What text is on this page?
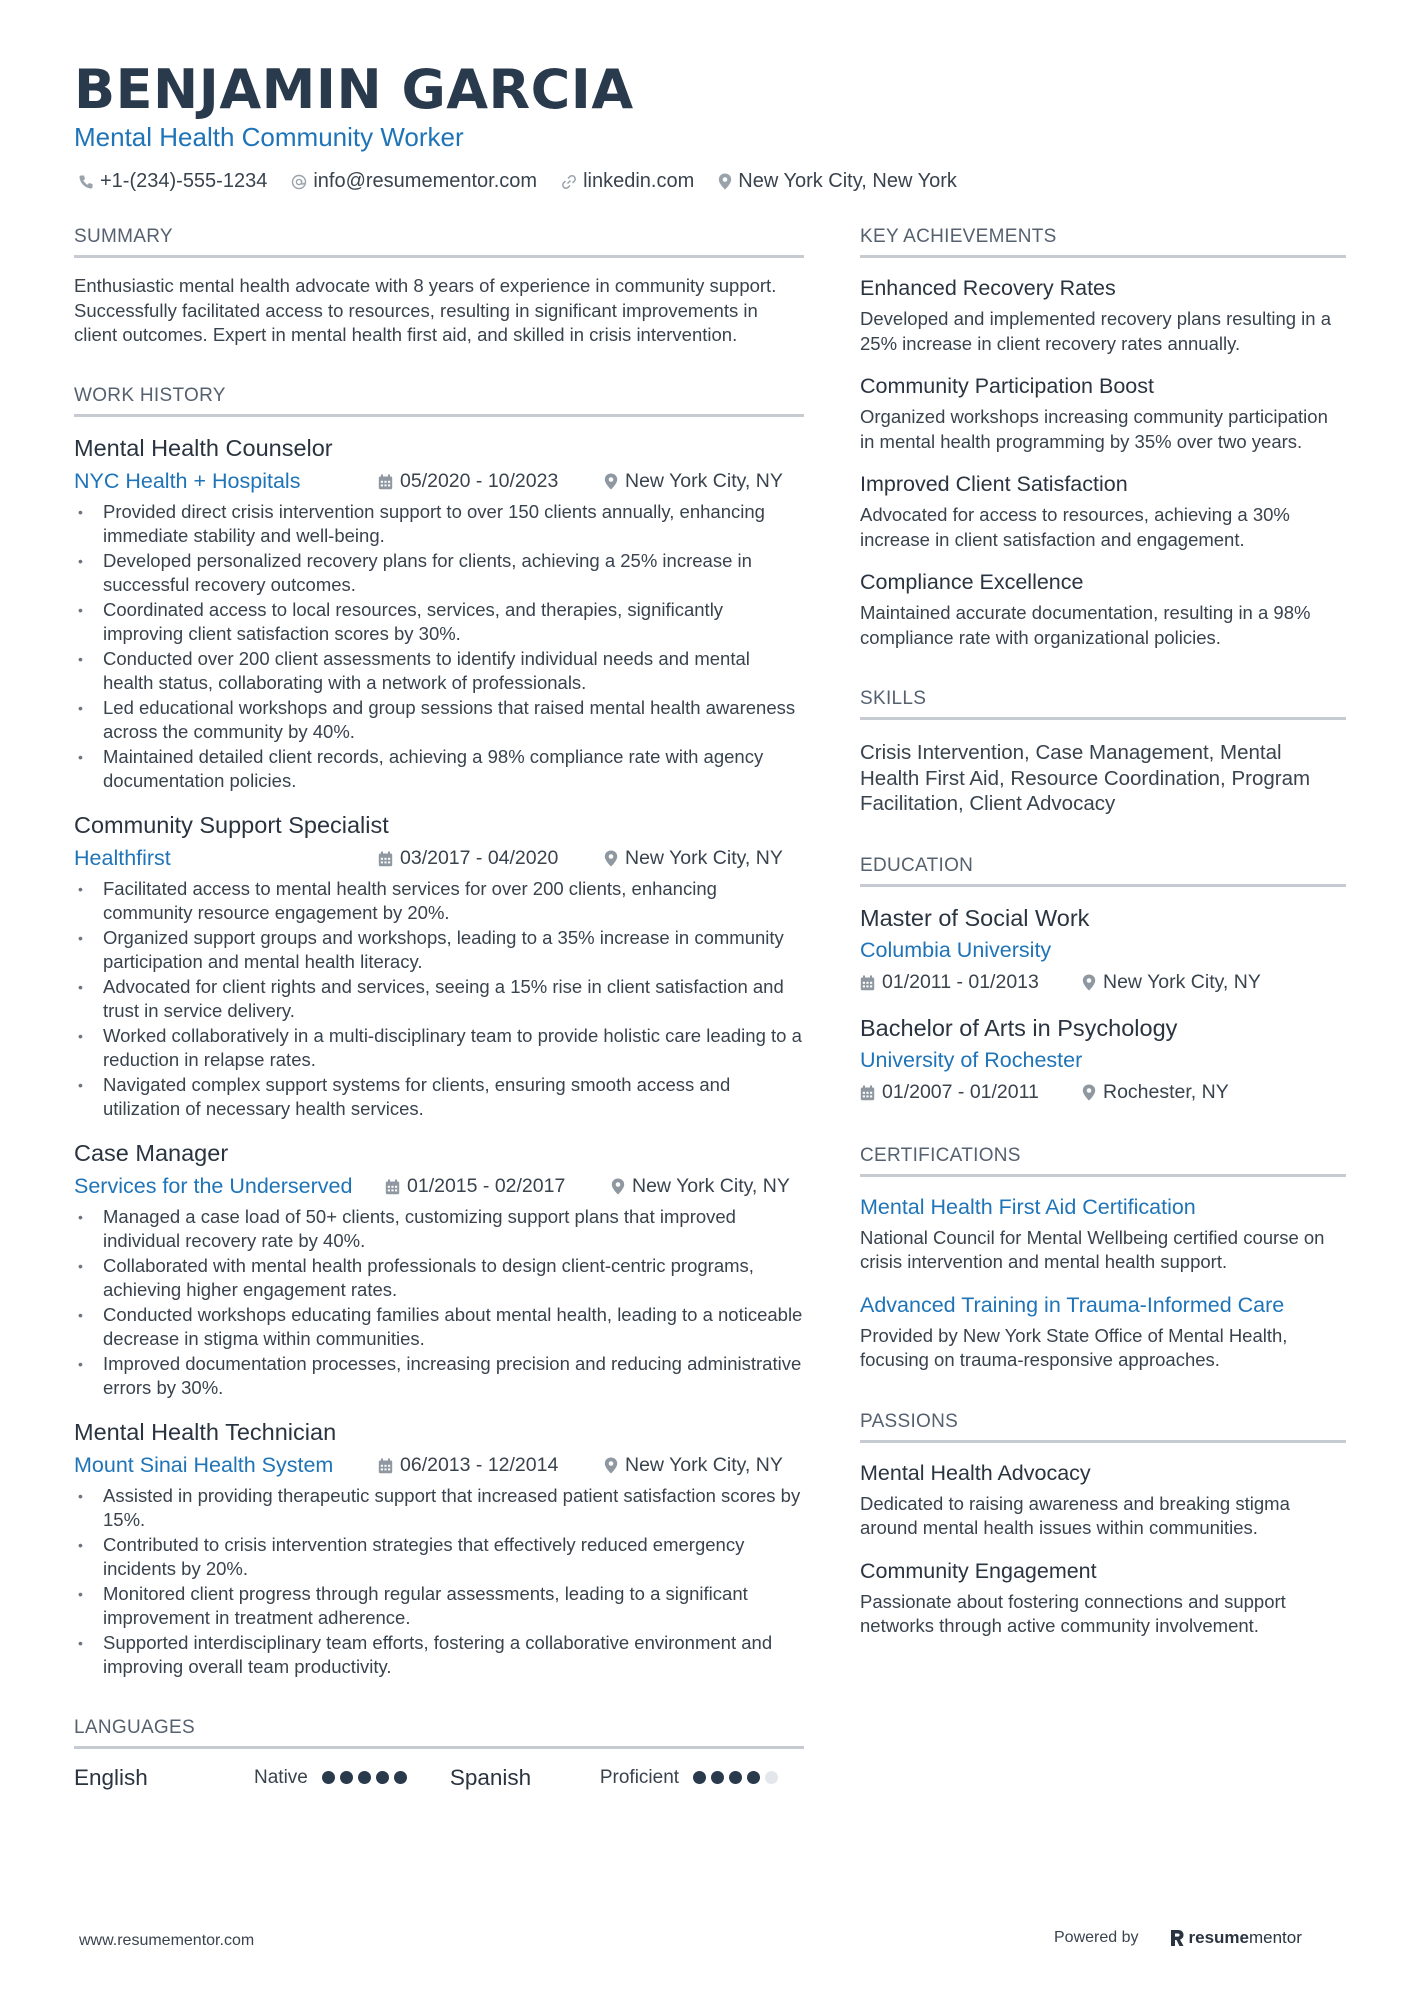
BENJAMIN GARCIA
Mental Health Community Worker
+1-(234)-555-1234 info@resumementor.com linkedin.com New York City, New York
SUMMARY
Enthusiastic mental health advocate with 8 years of experience in community support. Successfully facilitated access to resources, resulting in significant improvements in client outcomes. Expert in mental health first aid, and skilled in crisis intervention.
WORK HISTORY
Mental Health Counselor
NYC Health + Hospitals	05/2020 - 10/2023	New York City, NY
• Provided direct crisis intervention support to over 150 clients annually, enhancing immediate stability and well-being.
• Developed personalized recovery plans for clients, achieving a 25% increase in successful recovery outcomes.
• Coordinated access to local resources, services, and therapies, significantly improving client satisfaction scores by 30%.
• Conducted over 200 client assessments to identify individual needs and mental health status, collaborating with a network of professionals.
• Led educational workshops and group sessions that raised mental health awareness across the community by 40%.
• Maintained detailed client records, achieving a 98% compliance rate with agency documentation policies.
Community Support Specialist
Healthfirst	03/2017 - 04/2020	New York City, NY
• Facilitated access to mental health services for over 200 clients, enhancing community resource engagement by 20%.
• Organized support groups and workshops, leading to a 35% increase in community participation and mental health literacy.
• Advocated for client rights and services, seeing a 15% rise in client satisfaction and trust in service delivery.
• Worked collaboratively in a multi-disciplinary team to provide holistic care leading to a reduction in relapse rates.
• Navigated complex support systems for clients, ensuring smooth access and utilization of necessary health services.
Case Manager
Services for the Underserved	01/2015 - 02/2017	New York City, NY
• Managed a case load of 50+ clients, customizing support plans that improved individual recovery rate by 40%.
• Collaborated with mental health professionals to design client-centric programs, achieving higher engagement rates.
• Conducted workshops educating families about mental health, leading to a noticeable decrease in stigma within communities.
• Improved documentation processes, increasing precision and reducing administrative errors by 30%.
Mental Health Technician
Mount Sinai Health System	06/2013 - 12/2014	New York City, NY
• Assisted in providing therapeutic support that increased patient satisfaction scores by 15%.
• Contributed to crisis intervention strategies that effectively reduced emergency incidents by 20%.
• Monitored client progress through regular assessments, leading to a significant improvement in treatment adherence.
• Supported interdisciplinary team efforts, fostering a collaborative environment and improving overall team productivity.
LANGUAGES
English	Native	Spanish	Proficient
KEY ACHIEVEMENTS
Enhanced Recovery Rates
Developed and implemented recovery plans resulting in a 25% increase in client recovery rates annually.
Community Participation Boost
Organized workshops increasing community participation in mental health programming by 35% over two years.
Improved Client Satisfaction
Advocated for access to resources, achieving a 30% increase in client satisfaction and engagement.
Compliance Excellence
Maintained accurate documentation, resulting in a 98% compliance rate with organizational policies.
SKILLS
Crisis Intervention, Case Management, Mental Health First Aid, Resource Coordination, Program Facilitation, Client Advocacy
EDUCATION
Master of Social Work
Columbia University
01/2011 - 01/2013	New York City, NY
Bachelor of Arts in Psychology
University of Rochester
01/2007 - 01/2011	Rochester, NY
CERTIFICATIONS
Mental Health First Aid Certification
National Council for Mental Wellbeing certified course on crisis intervention and mental health support.
Advanced Training in Trauma-Informed Care
Provided by New York State Office of Mental Health, focusing on trauma-responsive approaches.
PASSIONS
Mental Health Advocacy
Dedicated to raising awareness and breaking stigma around mental health issues within communities.
Community Engagement
Passionate about fostering connections and support networks through active community involvement.
www.resumementor.com	Powered by	resume mentor
